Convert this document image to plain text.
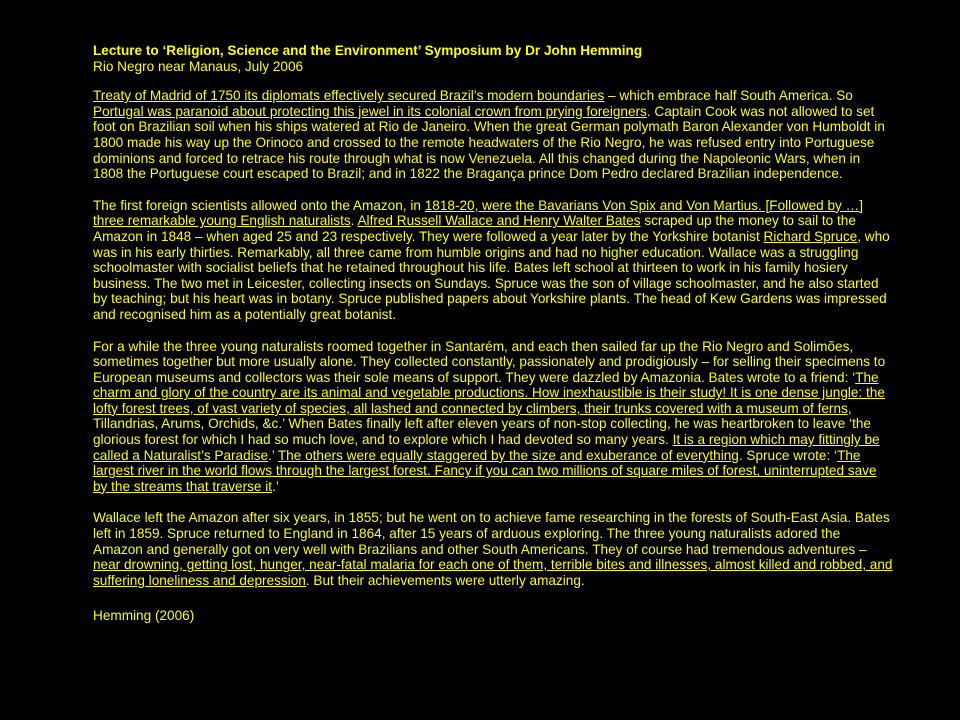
Lecture to ‘Religion, Science and the Environment’ Symposium by Dr John Hemming
Rio Negro near Manaus, July 2006

Treaty of Madrid of 1750 its diplomats effectively secured Brazil’s modern boundaries – which embrace half South America. So Portugal was paranoid about protecting this jewel in its colonial crown from prying foreigners. Captain Cook was not allowed to set foot on Brazilian soil when his ships watered at Rio de Janeiro. When the great German polymath Baron Alexander von Humboldt in 1800 made his way up the Orinoco and crossed to the remote headwaters of the Rio Negro, he was refused entry into Portuguese dominions and forced to retrace his route through what is now Venezuela. All this changed during the Napoleonic Wars, when in 1808 the Portuguese court escaped to Brazil; and in 1822 the Bragança prince Dom Pedro declared Brazilian independence.

The first foreign scientists allowed onto the Amazon, in 1818-20, were the Bavarians Von Spix and Von Martius. [Followed by …] three remarkable young English naturalists. Alfred Russell Wallace and Henry Walter Bates scraped up the money to sail to the Amazon in 1848 – when aged 25 and 23 respectively. They were followed a year later by the Yorkshire botanist Richard Spruce, who was in his early thirties. Remarkably, all three came from humble origins and had no higher education. Wallace was a struggling schoolmaster with socialist beliefs that he retained throughout his life. Bates left school at thirteen to work in his family hosiery business. The two met in Leicester, collecting insects on Sundays. Spruce was the son of village schoolmaster, and he also started by teaching; but his heart was in botany. Spruce published papers about Yorkshire plants. The head of Kew Gardens was impressed and recognised him as a potentially great botanist.

For a while the three young naturalists roomed together in Santarém, and each then sailed far up the Rio Negro and Solimões, sometimes together but more usually alone. They collected constantly, passionately and prodigiously – for selling their specimens to European museums and collectors was their sole means of support. They were dazzled by Amazonia. Bates wrote to a friend: ‘The charm and glory of the country are its animal and vegetable productions. How inexhaustible is their study! It is one dense jungle: the lofty forest trees, of vast variety of species, all lashed and connected by climbers, their trunks covered with a museum of ferns, Tillandrias, Arums, Orchids, &c.’ When Bates finally left after eleven years of non-stop collecting, he was heartbroken to leave ‘the glorious forest for which I had so much love, and to explore which I had devoted so many years. It is a region which may fittingly be called a Naturalist’s Paradise.’ The others were equally staggered by the size and exuberance of everything. Spruce wrote: ‘The largest river in the world flows through the largest forest. Fancy if you can two millions of square miles of forest, uninterrupted save by the streams that traverse it.’

Wallace left the Amazon after six years, in 1855; but he went on to achieve fame researching in the forests of South-East Asia. Bates left in 1859. Spruce returned to England in 1864, after 15 years of arduous exploring. The three young naturalists adored the Amazon and generally got on very well with Brazilians and other South Americans. They of course had tremendous adventures – near drowning, getting lost, hunger, near-fatal malaria for each one of them, terrible bites and illnesses, almost killed and robbed, and suffering loneliness and depression. But their achievements were utterly amazing.

Hemming (2006)
